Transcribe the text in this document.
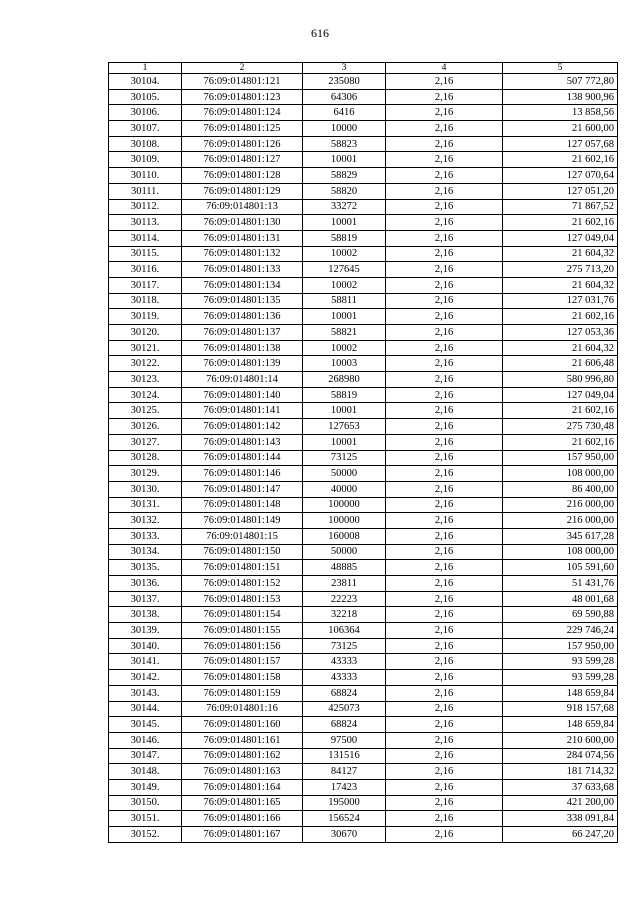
616
1	2	3	4	5
30104.	76:09:014801:121	235080	2,16	507 772,80
30105.	76:09:014801:123	64306	2,16	138 900,96
30106.	76:09:014801:124	6416	2,16	13 858,56
30107.	76:09:014801:125	10000	2,16	21 600,00
30108.	76:09:014801:126	58823	2,16	127 057,68
30109.	76:09:014801:127	10001	2,16	21 602,16
30110.	76:09:014801:128	58829	2,16	127 070,64
30111.	76:09:014801:129	58820	2,16	127 051,20
30112.	76:09:014801:13	33272	2,16	71 867,52
30113.	76:09:014801:130	10001	2,16	21 602,16
30114.	76:09:014801:131	58819	2,16	127 049,04
30115.	76:09:014801:132	10002	2,16	21 604,32
30116.	76:09:014801:133	127645	2,16	275 713,20
30117.	76:09:014801:134	10002	2,16	21 604,32
30118.	76:09:014801:135	58811	2,16	127 031,76
30119.	76:09:014801:136	10001	2,16	21 602,16
30120.	76:09:014801:137	58821	2,16	127 053,36
30121.	76:09:014801:138	10002	2,16	21 604,32
30122.	76:09:014801:139	10003	2,16	21 606,48
30123.	76:09:014801:14	268980	2,16	580 996,80
30124.	76:09:014801:140	58819	2,16	127 049,04
30125.	76:09:014801:141	10001	2,16	21 602,16
30126.	76:09:014801:142	127653	2,16	275 730,48
30127.	76:09:014801:143	10001	2,16	21 602,16
30128.	76:09:014801:144	73125	2,16	157 950,00
30129.	76:09:014801:146	50000	2,16	108 000,00
30130.	76:09:014801:147	40000	2,16	86 400,00
30131.	76:09:014801:148	100000	2,16	216 000,00
30132.	76:09:014801:149	100000	2,16	216 000,00
30133.	76:09:014801:15	160008	2,16	345 617,28
30134.	76:09:014801:150	50000	2,16	108 000,00
30135.	76:09:014801:151	48885	2,16	105 591,60
30136.	76:09:014801:152	23811	2,16	51 431,76
30137.	76:09:014801:153	22223	2,16	48 001,68
30138.	76:09:014801:154	32218	2,16	69 590,88
30139.	76:09:014801:155	106364	2,16	229 746,24
30140.	76:09:014801:156	73125	2,16	157 950,00
30141.	76:09:014801:157	43333	2,16	93 599,28
30142.	76:09:014801:158	43333	2,16	93 599,28
30143.	76:09:014801:159	68824	2,16	148 659,84
30144.	76:09:014801:16	425073	2,16	918 157,68
30145.	76:09:014801:160	68824	2,16	148 659,84
30146.	76:09:014801:161	97500	2,16	210 600,00
30147.	76:09:014801:162	131516	2,16	284 074,56
30148.	76:09:014801:163	84127	2,16	181 714,32
30149.	76:09:014801:164	17423	2,16	37 633,68
30150.	76:09:014801:165	195000	2,16	421 200,00
30151.	76:09:014801:166	156524	2,16	338 091,84
30152.	76:09:014801:167	30670	2,16	66 247,20
